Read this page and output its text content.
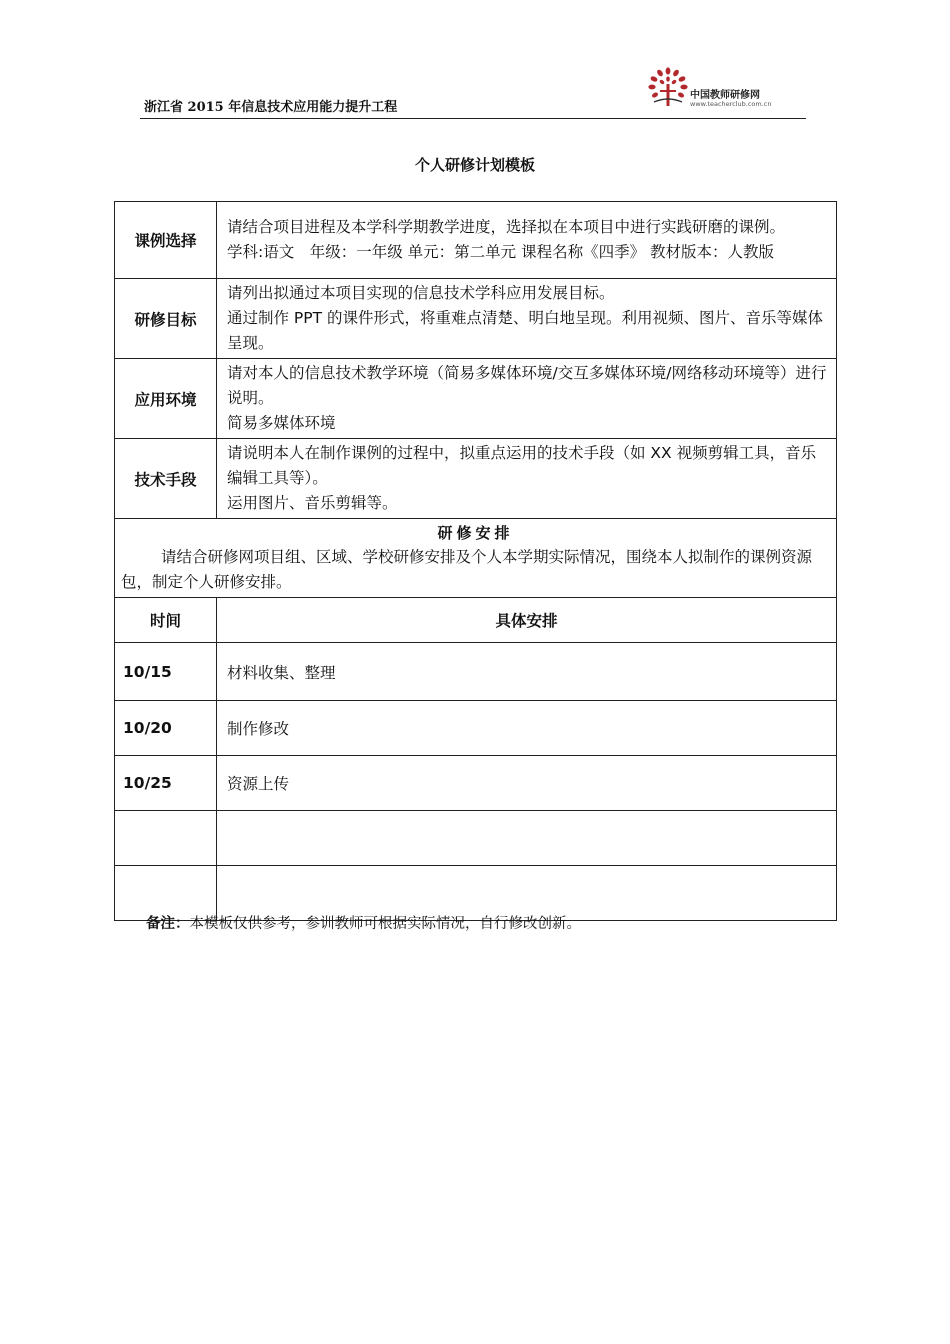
浙江省 2015 年信息技术应用能力提升工程
中国教师研修网
www.teacherclub.com.cn
个人研修计划模板
课例选择	请结合项目进程及本学科学期教学进度，选择拟在本项目中进行实践研磨的课例。
学科:语文　年级：一年级 单元：第二单元 课程名称《四季》 教材版本：人教版

研修目标	请列出拟通过本项目实现的信息技术学科应用发展目标。
通过制作 PPT 的课件形式，将重难点清楚、明白地呈现。利用视频、图片、音乐等媒体呈现。

应用环境	请对本人的信息技术教学环境（简易多媒体环境/交互多媒体环境/网络移动环境等）进行说明。
简易多媒体环境

技术手段	请说明本人在制作课例的过程中，拟重点运用的技术手段（如 XX 视频剪辑工具，音乐编辑工具等）。
运用图片、音乐剪辑等。

研修安排
请结合研修网项目组、区域、学校研修安排及个人本学期实际情况，围绕本人拟制作的课例资源包，制定个人研修安排。	

时间	具体安排
10/15	材料收集、整理
10/20	制作修改
10/25	资源上传

备注：本模板仅供参考，参训教师可根据实际情况，自行修改创新。
